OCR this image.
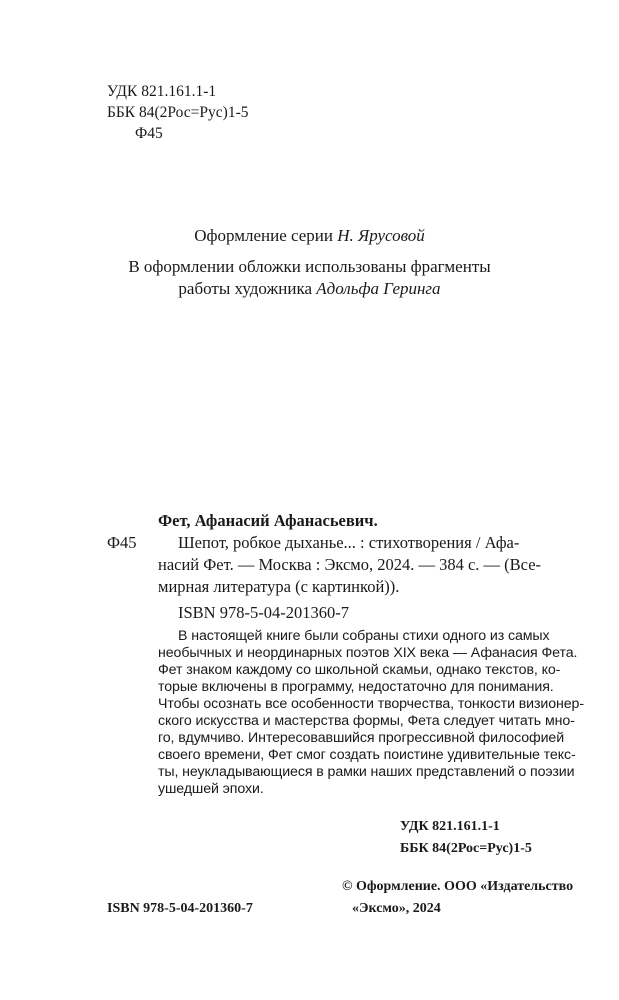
УДК 821.161.1-1
ББК 84(2Рос=Рус)1-5
Ф45
Оформление серии Н. Ярусовой
В оформлении обложки использованы фрагменты
работы художника Адольфа Геринга
Фет, Афанасий Афанасьевич.
Ф45	Шепот, робкое дыханье... : стихотворения / Афа-
насий Фет. — Москва : Эксмо, 2024. — 384 с. — (Все-
мирная литература (с картинкой)).
ISBN 978-5-04-201360-7
В настоящей книге были собраны стихи одного из самых
необычных и неординарных поэтов XIX века — Афанасия Фета.
Фет знаком каждому со школьной скамьи, однако текстов, ко-
торые включены в программу, недостаточно для понимания.
Чтобы осознать все особенности творчества, тонкости визионер-
ского искусства и мастерства формы, Фета следует читать мно-
го, вдумчиво. Интересовавшийся прогрессивной философией
своего времени, Фет смог создать поистине удивительные текс-
ты, неукладывающиеся в рамки наших представлений о поэзии
ушедшей эпохи.
УДК 821.161.1-1
ББК 84(2Рос=Рус)1-5
ISBN 978-5-04-201360-7
© Оформление. ООО «Издательство
«Эксмо», 2024
